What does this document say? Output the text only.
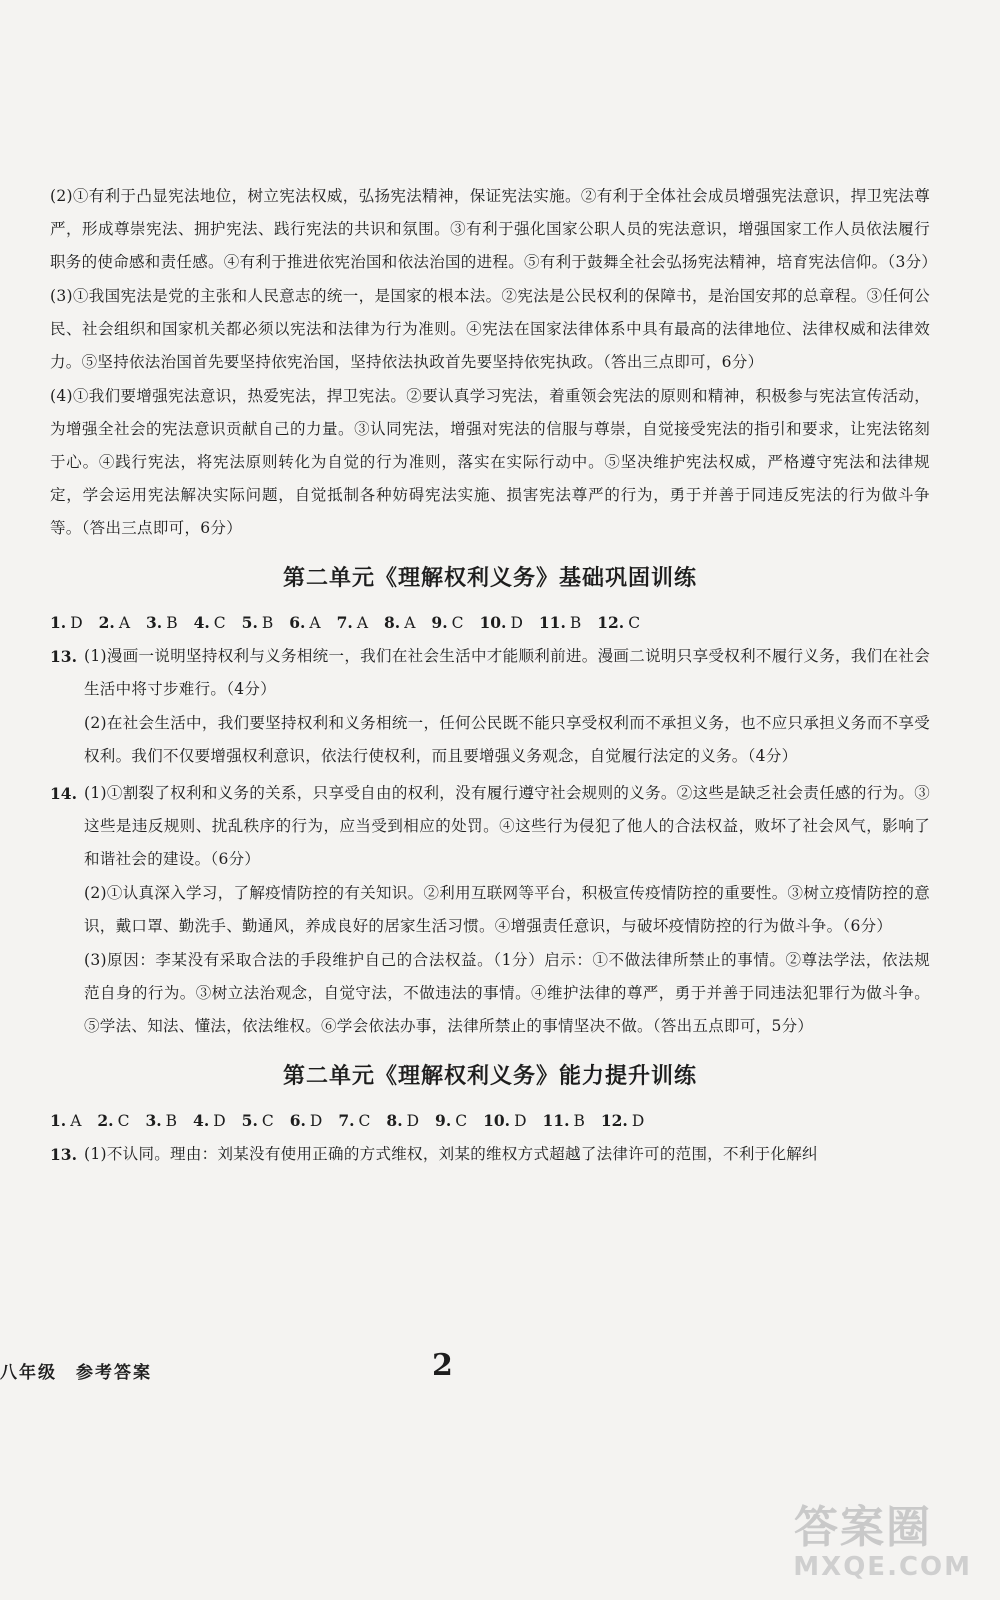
(2)①有利于凸显宪法地位，树立宪法权威，弘扬宪法精神，保证宪法实施。②有利于全体社会成员增强宪法意识，捍卫宪法尊严，形成尊崇宪法、拥护宪法、践行宪法的共识和氛围。③有利于强化国家公职人员的宪法意识，增强国家工作人员依法履行职务的使命感和责任感。④有利于推进依宪治国和依法治国的进程。⑤有利于鼓舞全社会弘扬宪法精神，培育宪法信仰。（3分）

(3)①我国宪法是党的主张和人民意志的统一，是国家的根本法。②宪法是公民权利的保障书，是治国安邦的总章程。③任何公民、社会组织和国家机关都必须以宪法和法律为行为准则。④宪法在国家法律体系中具有最高的法律地位、法律权威和法律效力。⑤坚持依法治国首先要坚持依宪治国，坚持依法执政首先要坚持依宪执政。（答出三点即可，6分）

(4)①我们要增强宪法意识，热爱宪法，捍卫宪法。②要认真学习宪法，着重领会宪法的原则和精神，积极参与宪法宣传活动，为增强全社会的宪法意识贡献自己的力量。③认同宪法，增强对宪法的信服与尊崇，自觉接受宪法的指引和要求，让宪法铭刻于心。④践行宪法，将宪法原则转化为自觉的行为准则，落实在实际行动中。⑤坚决维护宪法权威，严格遵守宪法和法律规定，学会运用宪法解决实际问题，自觉抵制各种妨碍宪法实施、损害宪法尊严的行为，勇于并善于同违反宪法的行为做斗争等。（答出三点即可，6分）

第二单元《理解权利义务》基础巩固训练

1. D 2. A 3. B 4. C 5. B 6. A 7. A 8. A 9. C 10. D 11. B 12. C

13. (1)漫画一说明坚持权利与义务相统一，我们在社会生活中才能顺利前进。漫画二说明只享受权利不履行义务，我们在社会生活中将寸步难行。（4分）

(2)在社会生活中，我们要坚持权利和义务相统一，任何公民既不能只享受权利而不承担义务，也不应只承担义务而不享受权利。我们不仅要增强权利意识，依法行使权利，而且要增强义务观念，自觉履行法定的义务。（4分）

14. (1)①割裂了权利和义务的关系，只享受自由的权利，没有履行遵守社会规则的义务。②这些是缺乏社会责任感的行为。③这些是违反规则、扰乱秩序的行为，应当受到相应的处罚。④这些行为侵犯了他人的合法权益，败坏了社会风气，影响了和谐社会的建设。（6分）

(2)①认真深入学习，了解疫情防控的有关知识。②利用互联网等平台，积极宣传疫情防控的重要性。③树立疫情防控的意识，戴口罩、勤洗手、勤通风，养成良好的居家生活习惯。④增强责任意识，与破坏疫情防控的行为做斗争。（6分）

(3)原因：李某没有采取合法的手段维护自己的合法权益。（1分）启示：①不做法律所禁止的事情。②尊法学法，依法规范自身的行为。③树立法治观念，自觉守法，不做违法的事情。④维护法律的尊严，勇于并善于同违法犯罪行为做斗争。⑤学法、知法、懂法，依法维权。⑥学会依法办事，法律所禁止的事情坚决不做。（答出五点即可，5分）

第二单元《理解权利义务》能力提升训练

1. A 2. C 3. B 4. D 5. C 6. D 7. C 8. D 9. C 10. D 11. B 12. D

13. (1)不认同。理由：刘某没有使用正确的方式维权，刘某的维权方式超越了法律许可的范围，不利于化解纠

八年级　参考答案	2
答案圈
MXQE.COM
